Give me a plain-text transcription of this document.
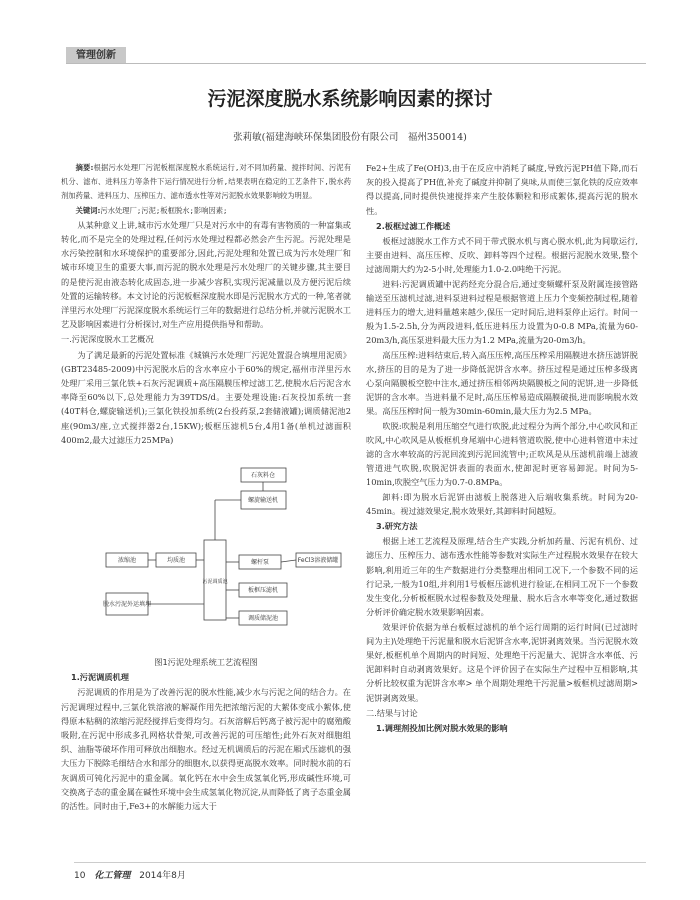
管理创新
污泥深度脱水系统影响因素的探讨
张莉敏(福建海峡环保集团股份有限公司　福州350014)

摘要:根据污水处理厂污泥板框深度脱水系统运行,对不同加药量、搅拌时间、污泥有机分、滤布、进料压力等条件下运行情况进行分析,结果表明在稳定的工艺条件下,脱水药剂加药量、进料压力、压榨压力、滤布透水性等对污泥脱水效果影响较为明显。

关键词:污水处理厂;污泥;板框脱水;影响因素;

从某种意义上讲,城市污水处理厂只是对污水中的有毒有害物质的一种富集或转化,而不是完全的处理过程,任何污水处理过程都必然会产生污泥。污泥处理是水污染控制和水环境保护的重要部分,因此,污泥处理和处置已成为污水处理厂和城市环境卫生的重要大事,而污泥的脱水处理是污水处理厂的关键步骤,其主要目的是使污泥由液态转化成固态,进一步减少容积,实现污泥减量以及方便污泥后续处置的运输转移。本文讨论的污泥板框深度脱水即是污泥脱水方式的一种,笔者就洋里污水处理厂污泥深度脱水系统运行三年的数据进行总结分析,并就污泥脱水工艺及影响因素进行分析探讨,对生产应用提供指导和帮助。

一.污泥深度脱水工艺概况

为了满足最新的污泥处置标准《城镇污水处理厂污泥处置混合填埋用泥质》(GBT23485-2009)中污泥脱水后的含水率应小于60%的规定,福州市洋里污水处理厂采用三氯化铁+石灰污泥调质+高压隔膜压榨过滤工艺,使脱水后污泥含水率降至60%以下,总处理能力为39TDS/d。主要处理设施:石灰投加系统一套(40T料仓,螺旋输送机);三氯化铁投加系统(2台投药泵,2套储液罐);调质储泥池2座(90m3/座,立式搅拌器2台,15KW);板框压滤机5台,4用1备(单机过滤面积400m2,最大过滤压力25MPa)

石灰料仓
螺旋输送机
浓缩池	均质池
污泥调质池
螺杆泵
板框压滤机
FeCl3溶液储罐
脱水污泥外运填埋
调质储泥池
图1污泥处理系统工艺流程图
1.污泥调质机理

污泥调质的作用是为了改善污泥的脱水性能,减少水与污泥之间的结合力。在污泥调理过程中,三氯化铁溶液的解凝作用先把浓缩污泥的大絮体变成小絮体,使得原本粘稠的浓缩污泥经搅拌后变得均匀。石灰溶解后钙离子被污泥中的腐殖酸吸附,在污泥中形成多孔网格状骨架,可改善污泥的可压缩性;此外石灰对细胞组织、油脂等破坏作用可释放出细胞水。经过无机调质后的污泥在厢式压滤机的强大压力下脱除毛细结合水和部分的细胞水,以获得更高脱水效率。同时脱水前的石灰调质可钝化污泥中的重金属。氧化钙在水中会生成氢氧化钙,形成碱性环境,可交换离子态的重金属在碱性环境中会生成氢氧化物沉淀,从而降低了离子态重金属的活性。同时由于,Fe3+的水解能力远大于

Fe2+生成了Fe(OH)3,由于在反应中消耗了碱度,导致污泥PH值下降,而石灰的投入提高了PH值,补充了碱度并抑制了臭味,从而使三氯化铁的反应效率得以提高,同时提供快速搅拌来产生胶体颗粒和形成絮体,提高污泥的脱水性。

2.板框过滤工作概述

板框过滤脱水工作方式不同于带式脱水机与离心脱水机,此为间歇运行,主要由进料、高压压榨、反吹、卸料等四个过程。根据污泥脱水效果,整个过滤周期大约为2-5小时,处理能力1.0-2.0吨绝干污泥。

进料:污泥调质罐中泥药经充分混合后,通过变频螺杆泵及附属连接管路输送至压滤机过滤,进料泵进料过程是根据管道上压力个变频控制过程,随着进料压力的增大,进料量越来越少,保压一定时间后,进料泵停止运行。时间一般为1.5-2.5h,分为两段进料,低压进料压力设置为0-0.8 MPa,流量为60-20m3/h,高压泵进料最大压力为1.2 MPa,流量为20-0m3/h。

高压压榨:进料结束后,转入高压压榨,高压压榨采用隔膜进水挤压滤饼脱水,挤压的目的是为了进一步降低泥饼含水率。挤压过程是通过压榨多级离心泵向隔膜板空腔中注水,通过挤压相邻两块隔膜板之间的泥饼,进一步降低泥饼的含水率。当进料量不足时,高压压榨易造成隔膜破损,进而影响脱水效果。高压压榨时间一般为30min-60min,最大压力为2.5 MPa。

吹脱:吹脱是利用压缩空气进行吹脱,此过程分为两个部分,中心吹风和正吹风,中心吹风是从板框机身尾端中心进料管道吹脱,使中心进料管道中未过滤的含水率较高的污泥回流到污泥回流管中;正吹风是从压滤机前端上滤液管道进气吹脱,吹脱泥饼表面的表面水,使卸泥时更容易卸泥。时间为5-10min,吹脱空气压力为0.7-0.8MPa。

卸料:即为脱水后泥饼由滤板上脱落进入后端收集系统。时间为20-45min。视过滤效果定,脱水效果好,其卸料时间越短。

3.研究方法

根据上述工艺流程及原理,结合生产实践,分析加药量、污泥有机份、过滤压力、压榨压力、滤布透水性能等参数对实际生产过程脱水效果存在较大影响,利用近三年的生产数据进行分类整理出相同工况下,一个参数不同的运行记录,一般为10组,并利用1号板框压滤机进行验证,在相同工况下一个参数发生变化,分析板框脱水过程参数及处理量、脱水后含水率等变化,通过数据分析评价确定脱水效果影响因素。

效果评价依据为单台板框过滤机的单个运行周期的运行时间(已过滤时间为主)\处理绝干污泥量和脱水后泥饼含水率,泥饼剥离效果。当污泥脱水效果好,板框机单个周期内的时间短、处理绝干污泥量大、泥饼含水率低、污泥卸料时自动剥离效果好。这是个评价因子在实际生产过程中互相影响,其分析比较权重为泥饼含水率> 单个周期处理绝干污泥量>板框机过滤周期>泥饼剥离效果。

二.结果与讨论
1.调理剂投加比例对脱水效果的影响
10 化工管理 2014年8月
